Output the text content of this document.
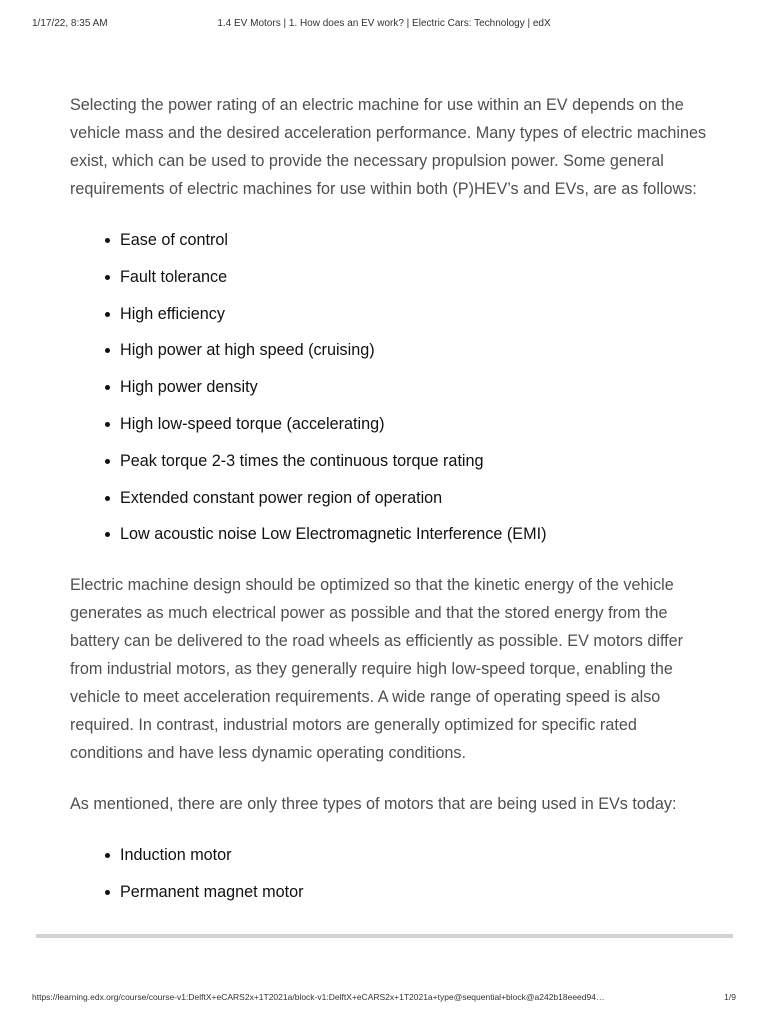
1/17/22, 8:35 AM	1.4 EV Motors | 1. How does an EV work? | Electric Cars: Technology | edX

Selecting the power rating of an electric machine for use within an EV depends on the vehicle mass and the desired acceleration performance. Many types of electric machines exist, which can be used to provide the necessary propulsion power. Some general requirements of electric machines for use within both (P)HEV’s and EVs, are as follows:

Ease of control
Fault tolerance
High efficiency
High power at high speed (cruising)
High power density
High low-speed torque (accelerating)
Peak torque 2-3 times the continuous torque rating
Extended constant power region of operation
Low acoustic noise Low Electromagnetic Interference (EMI)

Electric machine design should be optimized so that the kinetic energy of the vehicle generates as much electrical power as possible and that the stored energy from the battery can be delivered to the road wheels as efficiently as possible. EV motors differ from industrial motors, as they generally require high low-speed torque, enabling the vehicle to meet acceleration requirements. A wide range of operating speed is also required. In contrast, industrial motors are generally optimized for specific rated conditions and have less dynamic operating conditions.

As mentioned, there are only three types of motors that are being used in EVs today:

Induction motor
Permanent magnet motor
https://learning.edx.org/course/course-v1:DelftX+eCARS2x+1T2021a/block-v1:DelftX+eCARS2x+1T2021a+type@sequential+block@a242b18eeed94…	1/9
